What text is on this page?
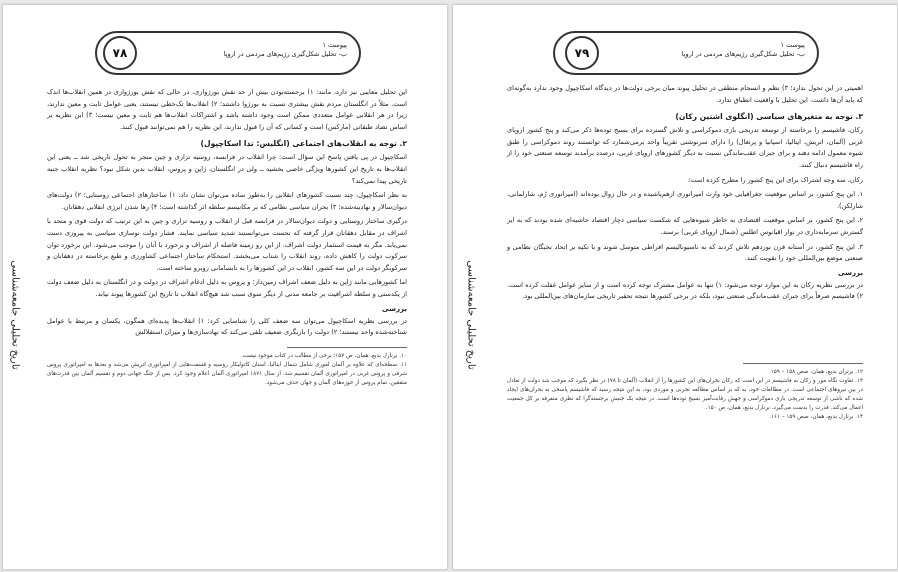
۷۸
پیوست ۱
ب- تحلیل شکل‌گیری رژیم‌های مردمی در اروپا
تاریخ تحلیلی جامعه‌شناسی

این تحلیل معایبی نیز دارد، مانند: ۱) برجسته‌بودن بیش از حد نقش بورژوازی، در حالی که نقش بورژوازی در همین انقلاب‌ها اندک است. مثلاً در انگلستان مردم نقش بیشتری نسبت به بورژوا داشتند؛ ۲) انقلاب‌ها تک‌خطی نیستند، یعنی عوامل ثابت و معین ندارند، زیرا در هر انقلابی عوامل متعددی ممکن است وجود داشته باشد و اشتراکات انقلاب‌ها هم ثابت و معین نیست؛ ۳) این نظریه بر اساس تضاد طبقاتی (مارکس) است و کسانی که آن را قبول ندارند، این نظریه را هم نمی‌توانند قبول کنند.

۲. توجه به انقلاب‌های اجتماعی (انگلیس: تدا اسکاچپول)

اسکاچپول در پی یافتن پاسخ این سؤال است: چرا انقلاب در فرانسه، روسیه تزاری و چین منجر به تحول تاریخی شد ــ یعنی این انقلاب‌ها به تاریخ این کشورها ویژگی خاصی بخشید ــ ولی در انگلستان، ژاپن و پروس، انقلاب بدین شکل نبود؟ نظریه انقلاب جنبه تاریخی پیدا نمی‌کند؟

به نظر اسکاچپول، چند نسبت کشورهای انقلابی را به‌طور ساده می‌توان نشان داد: ۱) ساختارهای اجتماعی روستایی؛ ۲) دولت‌های دیوان‌سالار و نهادینه‌شده؛ ۳) بحران سیاسی نظامی که بر مکانیسم سلطه اثر گذاشته است؛ ۴) رها شدن انرژی انقلابی دهقانان.

درگیری ساختار روستایی و دولت دیوان‌سالار در فرانسه قبل از انقلاب و روسیه تزاری و چین به این ترتیب که دولت قوی و متحد با اشراف در مقابل دهقانان قرار گرفته که نحست می‌توانستند شدید سیاسی نمایند. فشار دولت نوسازی سیاسی به پیروزی دست نمی‌یابد. مگر به قیمت استثمار دولت اشراف. از این رو زمینه فاصله از اشراف و برخورد با آنان را موجب می‌شود. این برخورد توان سرکوب دولت را کاهش داده، روند انقلاب را شتاب می‌بخشد. استحکام ساختار اجتماعی کشاورزی و طبع برخاسته در دهقانان و سرکوبگر دولت در این سه کشور، انقلاب در این کشورها را به نابسامانی روبرو ساخته است.

اما کشورهایی مانند ژاپن به دلیل ضعف اشراف زمین‌دار؛ و پروس به دلیل ادغام اشراف در دولت و در انگلستان به دلیل ضعف دولت از یکدستی و سلطه اشرافیت بر جامعه مدنی از دیگر سوی سبب شد هیچ‌گاه انقلاب تا تاریخ این کشورها پیوند نیابد.

بررسی

در بررسی نظریه اسکاچپول می‌توان سه ضعف کلی را شناسایی کرد: ۱) انقلاب‌ها پدیده‌ای همگون، یکسان و مرتبط با عوامل شناخته‌شده واحد نیستند؛ ۲) دولت را بازیگری ضعیف تلقی می‌کند که نهادسازی‌ها و میزان استقلالش

۱۰. برنارل بدیع، همان، ص ۱۵۷؛ برخی از مطالب در کتاب موجود نیست.

۱۱. سطحه‌ای که علاوه بر آلمان اموری شامل شمال ایتالیا، استان کاتولیکار روسیه و قسمت‌هایی از امپراتوری اتریش می‌شد و بعدها به امپراتوری پروس شرقی و پروس غربی در امپراتوری آلمان تقسیم شد. از سال ۱۸۷۱ امپراتوری آلمان اعلام وجود کرد. پس از جنگ جهانی دوم و تقسیم آلمان بین قدرت‌های متفقین، تمام پروس از حوزه‌های آلمان و جهان حذف می‌شود.

۷۹
پیوست ۱
ب- تحلیل شکل‌گیری رژیم‌های مردمی در اروپا
تاریخ تحلیلی جامعه‌شناسی

اهمیتی در این تحول ندارد؛ ۳) نظم و انسجام منطقی در تحلیل پیوند میان برخی دولت‌ها در دیدگاه اسکاچپول وجود ندارد به‌گونه‌ای که باید آن‌ها داشت. این تحلیل با واقعیت انطباق ندارد.

۳. توجه به متغیرهای سیاسی (انگلوی اشتین رکان)

رکان، فاشیسم را برخاسته از توسعه تدریجی بازی دموکراسی و تلاش گسترده برای بسیج توده‌ها ذکر می‌کند و پنج کشور اروپای غربی (آلمان، اتریش، ایتالیا، اسپانیا و پرتغال) را دارای سرنوشتی تقریباً واحد برمی‌شمارد که توانستند روند دموکراسی را طبق شیوه معمول ادامه دهند و برای جبران عقب‌ماندگی نسبت به دیگر کشورهای اروپای غربی، درصدد برآمدند توسعه صنعتی خود را از راه فاشیسم دنبال کنند.

رکان، سه وجه اشتراک برای این پنج کشور را مطرح کرده است:

۱. این پنج کشور، بر اساس موقعیت جغرافیایی خود وارث امپراتوری ازهم‌پاشیده و در حال زوال بوده‌اند (امپراتوری رُم، شارلمانی، شارلکن).

۲. این پنج کشور، بر اساس موقعیت اقتصادی به خاطر شیوه‌هایی که شکست سیاسی دچار اقتصاد حاشیه‌ای شده بودند که به ایر گسترش سرمایه‌داری در نوار اقیانوس اطلس (شمال اروپای غربی) برسند.

۳. این پنج کشور، در آستانه قرن نوزدهم تلاش کردند که به ناسیونالیسم افراطی متوسل شوند و با تکیه بر اتحاد نخبگان نظامی و صنعتی موضع بین‌المللی خود را تقویت کنند.

بررسی

در بررسی نظریه رکان به این موارد توجه می‌شود: ۱) تنها به عوامل مشترک توجه کرده است و از سایر عوامل غفلت کرده است. ۲) فاشیسم صرفاً برای جبران عقب‌ماندگی صنعتی نبود، بلکه در برخی کشورها نتیجه تحقیر تاریخی سازمان‌های بین‌المللی بود.

۱۲. برتران بدیع، همان، صص ۱۵۸ – ۱۵۹.

۱۳. تفاوت نگاه مور و رکان به فاشیسم در این است که رکان بحران‌های این کشورها را از انقلاب (آلمان تا ۷۸) در نظر بگیرد که موجب شد دولت از تعادل در بین نیروهای اجتماعی است. در مطالعات خود، به که بر اساس مطالعه تجربی و موردی بود، به این نتیجه رسید که فاشیسم پاسخی به بحران‌های ایجاد شده که ناشی از توسعه تدریجی بازی دموکراسی و جهش رقابت‌آمیز بسیج توده‌ها است. در نتیجه یک جنبش برجسته‌گرا که نظری متفرقه بر کل جمعیت اعمال می‌کند. قدرت را بدست می‌گیرد. برنارل بدیع، همان، ص ۱۵۰.

۱۴. برنارل بدیع، همان، صص ۱۵۹ – ۱۶۱.
